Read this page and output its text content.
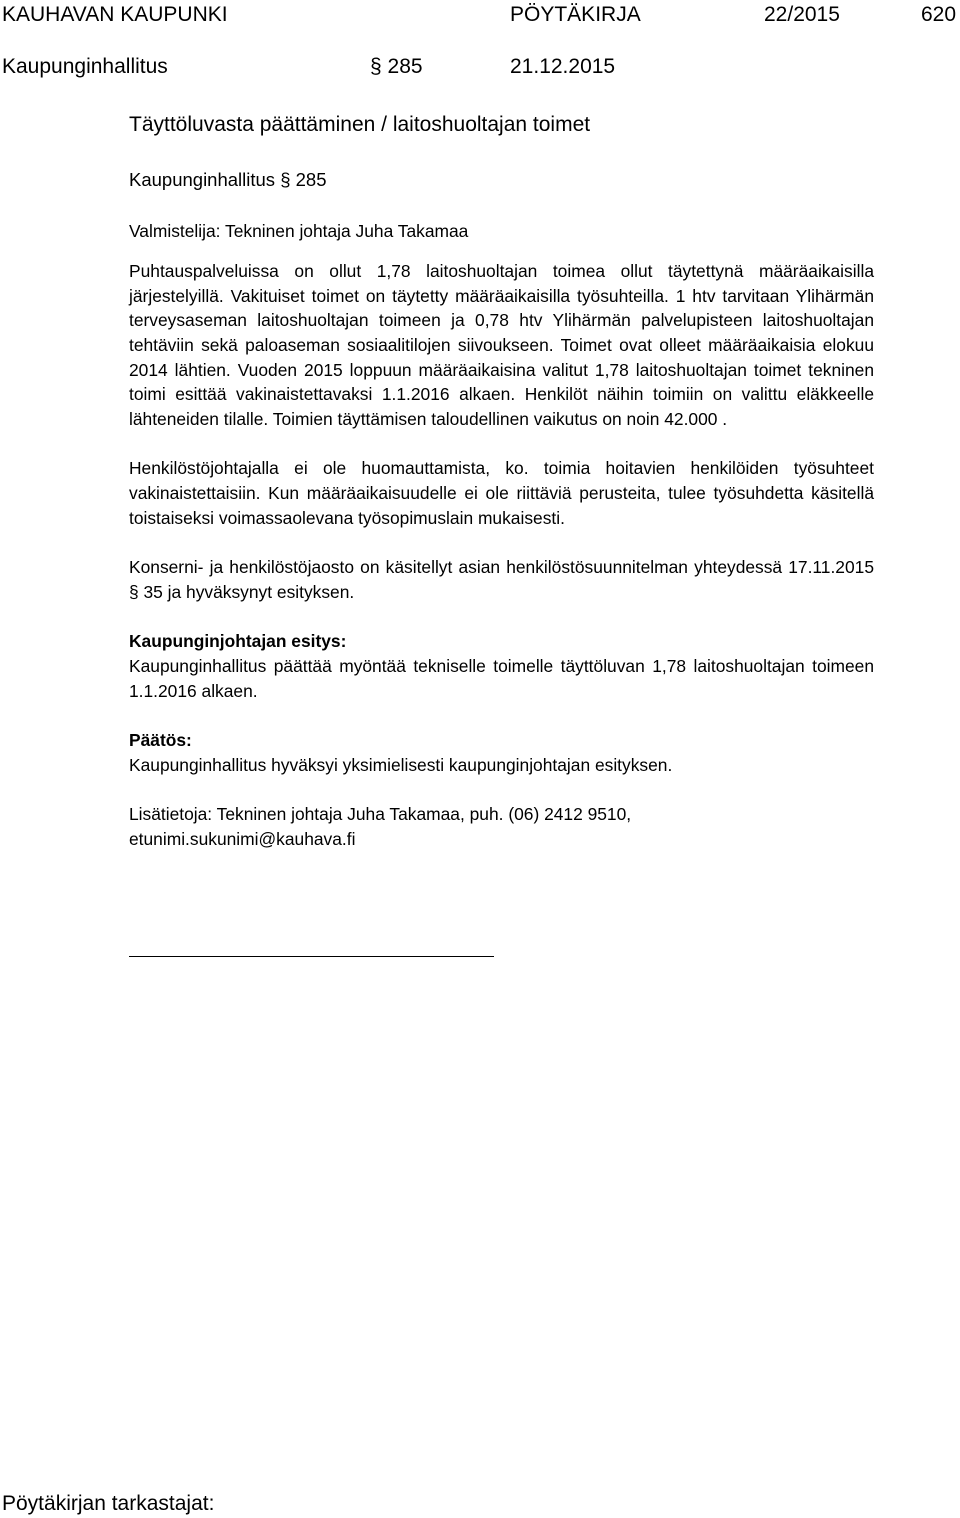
KAUHAVAN KAUPUNKI	PÖYTÄKIRJA	22/2015	620
Kaupunginhallitus	§ 285	21.12.2015
Täyttöluvasta päättäminen / laitoshuoltajan toimet

Kaupunginhallitus § 285

Valmistelija: Tekninen johtaja Juha Takamaa

Puhtauspalveluissa on ollut 1,78 laitoshuoltajan toimea ollut täytettynä määräaikaisilla järjestelyillä. Vakituiset toimet on täytetty määräaikaisilla työsuhteilla. 1 htv tarvitaan Ylihärmän terveysaseman laitoshuoltajan toimeen ja 0,78 htv Ylihärmän palvelupisteen laitoshuoltajan tehtäviin sekä paloaseman sosiaalitilojen siivoukseen. Toimet ovat olleet määräaikaisia elokuu 2014 lähtien. Vuoden 2015 loppuun määräaikaisina valitut 1,78 laitoshuoltajan toimet tekninen toimi esittää vakinaistettavaksi 1.1.2016 alkaen. Henkilöt näihin toimiin on valittu eläkkeelle lähteneiden tilalle. Toimien täyttämisen taloudellinen vaikutus on noin 42.000 .

Henkilöstöjohtajalla ei ole huomauttamista, ko. toimia hoitavien henkilöiden työsuhteet vakinaistettaisiin. Kun määräaikaisuudelle ei ole riittäviä perusteita, tulee työsuhdetta käsitellä toistaiseksi voimassaolevana työsopimuslain mukaisesti.

Konserni- ja henkilöstöjaosto on käsitellyt asian henkilöstösuunnitelman yhteydessä 17.11.2015 § 35 ja hyväksynyt esityksen.

Kaupunginjohtajan esitys:

Kaupunginhallitus päättää myöntää tekniselle toimelle täyttöluvan 1,78 laitoshuoltajan toimeen 1.1.2016 alkaen.

Päätös:

Kaupunginhallitus hyväksyi yksimielisesti kaupunginjohtajan esityksen.

Lisätietoja: Tekninen johtaja Juha Takamaa, puh. (06) 2412 9510,

etunimi.sukunimi@kauhava.fi

Pöytäkirjan tarkastajat:
